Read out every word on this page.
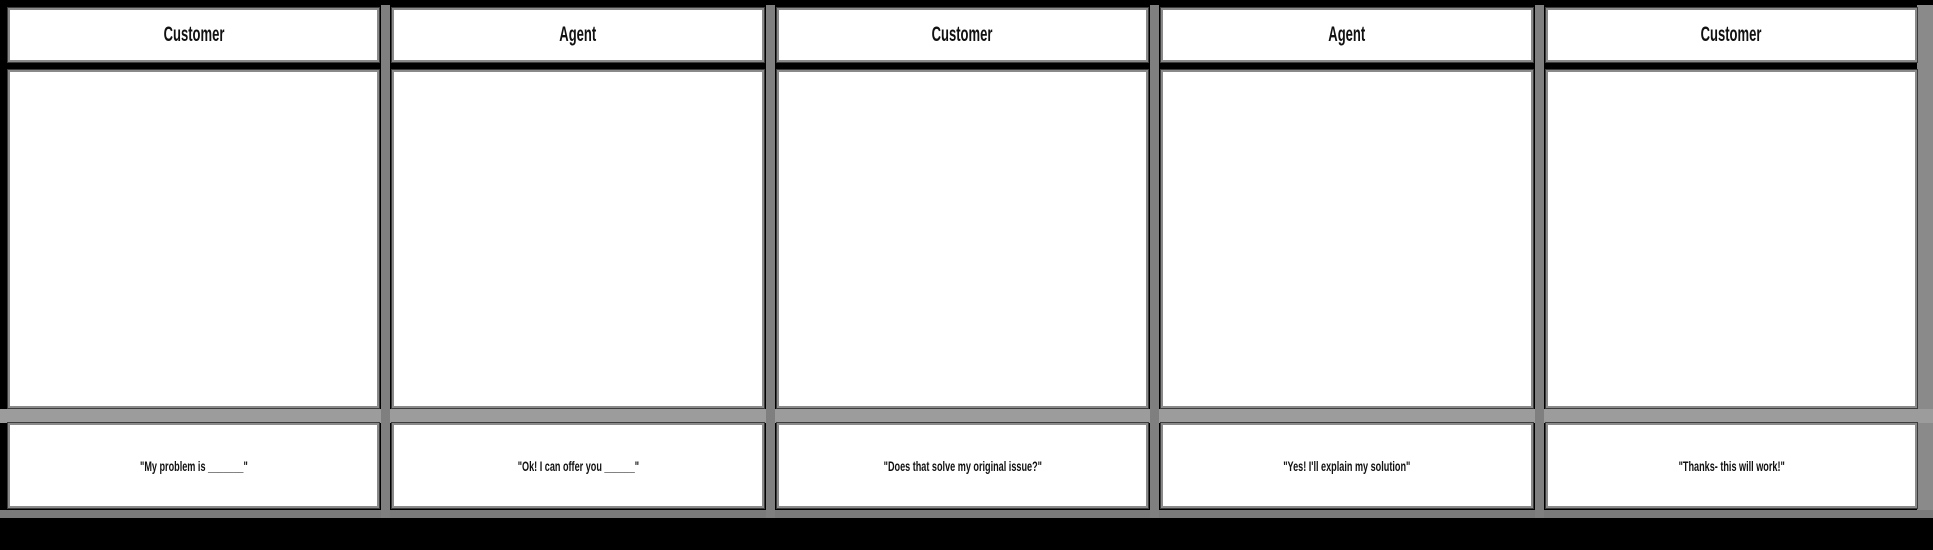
Customer
"My problem is _______"
Agent
"Ok! I can offer you ______"
Customer
"Does that solve my original issue?"
Agent
"Yes! I'll explain my solution"
Customer
"Thanks- this will work!"
